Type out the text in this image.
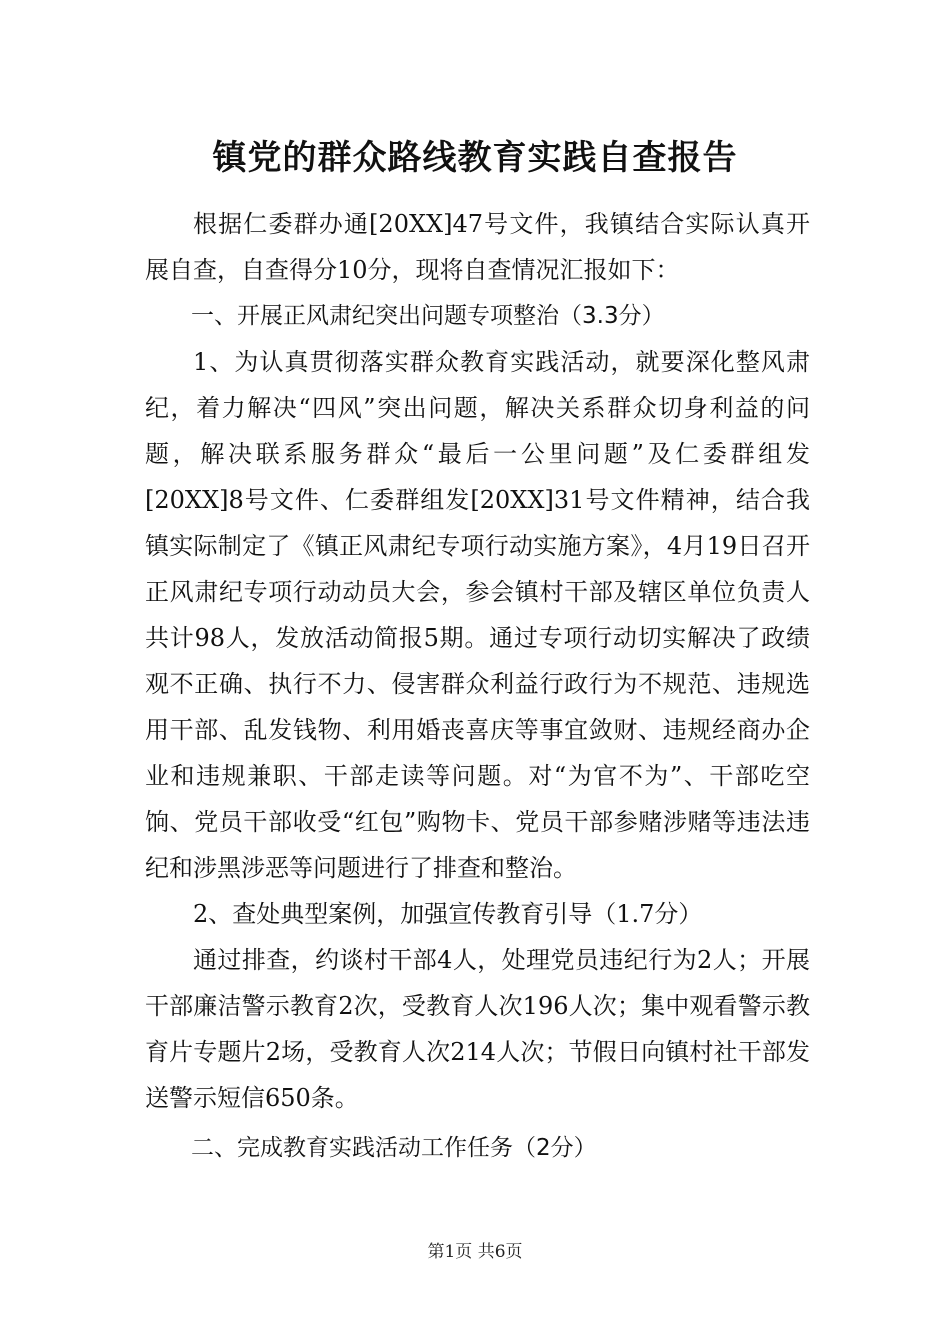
镇党的群众路线教育实践自查报告

根据仁委群办通[20XX]47号文件，我镇结合实际认真开展自查，自查得分10分，现将自查情况汇报如下：

一、开展正风肃纪突出问题专项整治（3.3分）

1、为认真贯彻落实群众教育实践活动，就要深化整风肃纪，着力解决“四风”突出问题，解决关系群众切身利益的问题，解决联系服务群众“最后一公里问题”及仁委群组发[20XX]8号文件、仁委群组发[20XX]31号文件精神，结合我镇实际制定了《镇正风肃纪专项行动实施方案》，4月19日召开正风肃纪专项行动动员大会，参会镇村干部及辖区单位负责人共计98人，发放活动简报5期。通过专项行动切实解决了政绩观不正确、执行不力、侵害群众利益行政行为不规范、违规选用干部、乱发钱物、利用婚丧喜庆等事宜敛财、违规经商办企业和违规兼职、干部走读等问题。对“为官不为”、干部吃空饷、党员干部收受“红包”购物卡、党员干部参赌涉赌等违法违纪和涉黑涉恶等问题进行了排查和整治。

2、查处典型案例，加强宣传教育引导（1.7分）

通过排查，约谈村干部4人，处理党员违纪行为2人；开展干部廉洁警示教育2次，受教育人次196人次；集中观看警示教育片专题片2场，受教育人次214人次；节假日向镇村社干部发送警示短信650条。

二、完成教育实践活动工作任务（2分）

第1页 共6页
